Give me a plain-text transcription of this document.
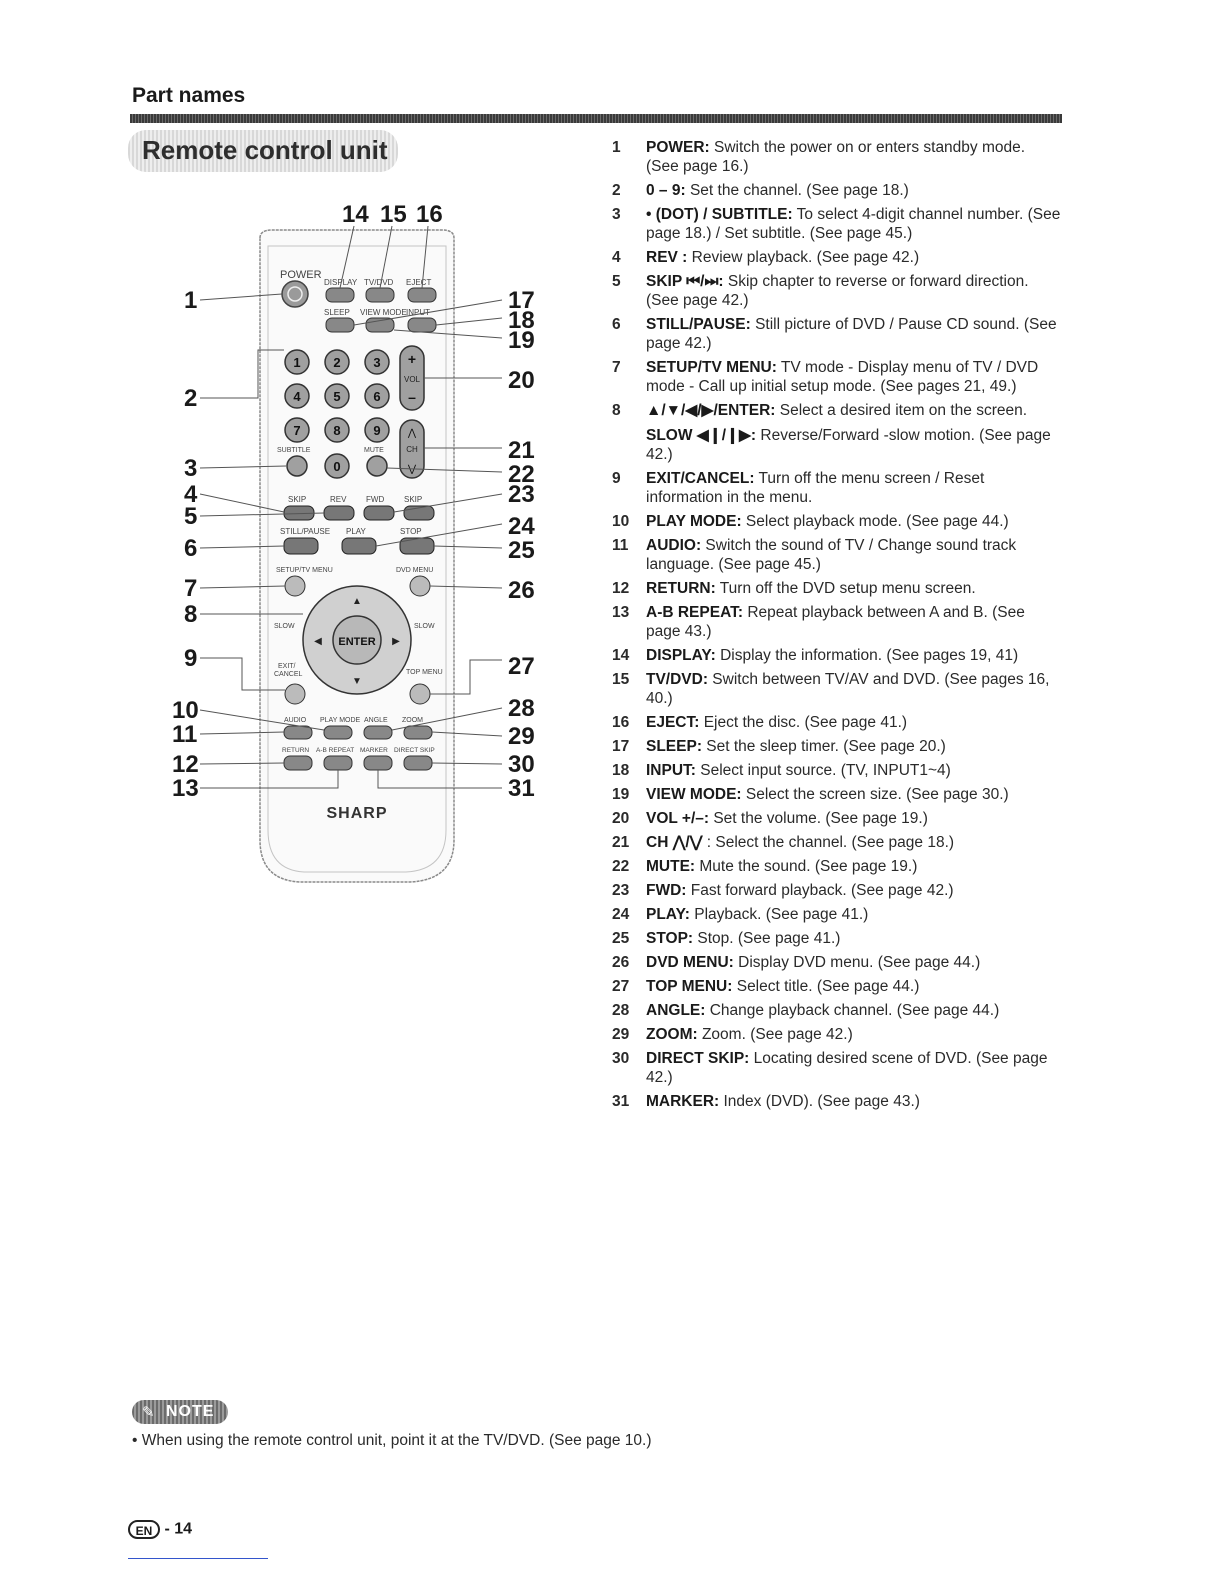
Part names
Remote control unit
POWER
DISPLAY TV/DVD EJECT
SLEEP VIEW MODE INPUT
1	2	3
4	5	6
7	8	9
0
SUBTITLE	MUTE
+
VOL
–
⋀
CH
⋁
SKIP	REV FWD SKIP
STILL/PAUSE PLAY	STOP
SETUP/TV MENU	DVD MENU
ENTER
▲
▼
◀	▶
SLOW	SLOW
EXIT/
CANCEL	TOP MENU
AUDIO PLAY MODE ANGLE ZOOM
RETURN A-B REPEAT MARKER DIRECT SKIP
SHARP
1
2
3
4
5
6
7
8
9
10
11
12
13
14 15 16
17
18
19
20
21
22
23
24
25
26
27
28
29
30
31
1	POWER: Switch the power on or enters standby mode. (See page 16.)
2	0 – 9: Set the channel. (See page 18.)
3	• (DOT) / SUBTITLE: To select 4-digit channel number. (See page 18.) / Set subtitle. (See page 45.)
4	REV : Review playback. (See page 42.)
5	SKIP ⏮/⏭: Skip chapter to reverse or forward direction. (See page 42.)
6	STILL/PAUSE: Still picture of DVD / Pause CD sound. (See page 42.)
7	SETUP/TV MENU: TV mode - Display menu of TV / DVD mode - Call up initial setup mode. (See pages 21, 49.)
8	▲/▼/◀/▶/ENTER: Select a desired item on the screen.
SLOW ◀❙/❙▶: Reverse/Forward -slow motion. (See page 42.)
9	EXIT/CANCEL: Turn off the menu screen / Reset information in the menu.
10	PLAY MODE: Select playback mode. (See page 44.)
11	AUDIO: Switch the sound of TV / Change sound track language. (See page 45.)
12	RETURN: Turn off the DVD setup menu screen.
13	A-B REPEAT: Repeat playback between A and B. (See page 43.)
14	DISPLAY: Display the information. (See pages 19, 41)
15	TV/DVD: Switch between TV/AV and DVD. (See pages 16, 40.)
16	EJECT: Eject the disc. (See page 41.)
17	SLEEP: Set the sleep timer. (See page 20.)
18	INPUT: Select input source. (TV, INPUT1~4)
19	VIEW MODE: Select the screen size. (See page 30.)
20	VOL +/–: Set the volume. (See page 19.)
21	CH ⋀/⋁ : Select the channel. (See page 18.)
22	MUTE: Mute the sound. (See page 19.)
23	FWD: Fast forward playback. (See page 42.)
24	PLAY: Playback. (See page 41.)
25	STOP: Stop. (See page 41.)
26	DVD MENU: Display DVD menu. (See page 44.)
27	TOP MENU: Select title. (See page 44.)
28	ANGLE: Change playback channel. (See page 44.)
29	ZOOM: Zoom. (See page 42.)
30	DIRECT SKIP: Locating desired scene of DVD. (See page 42.)
31	MARKER: Index (DVD). (See page 43.)
✎ NOTE
• When using the remote control unit, point it at the TV/DVD. (See page 10.)
EN - 14
